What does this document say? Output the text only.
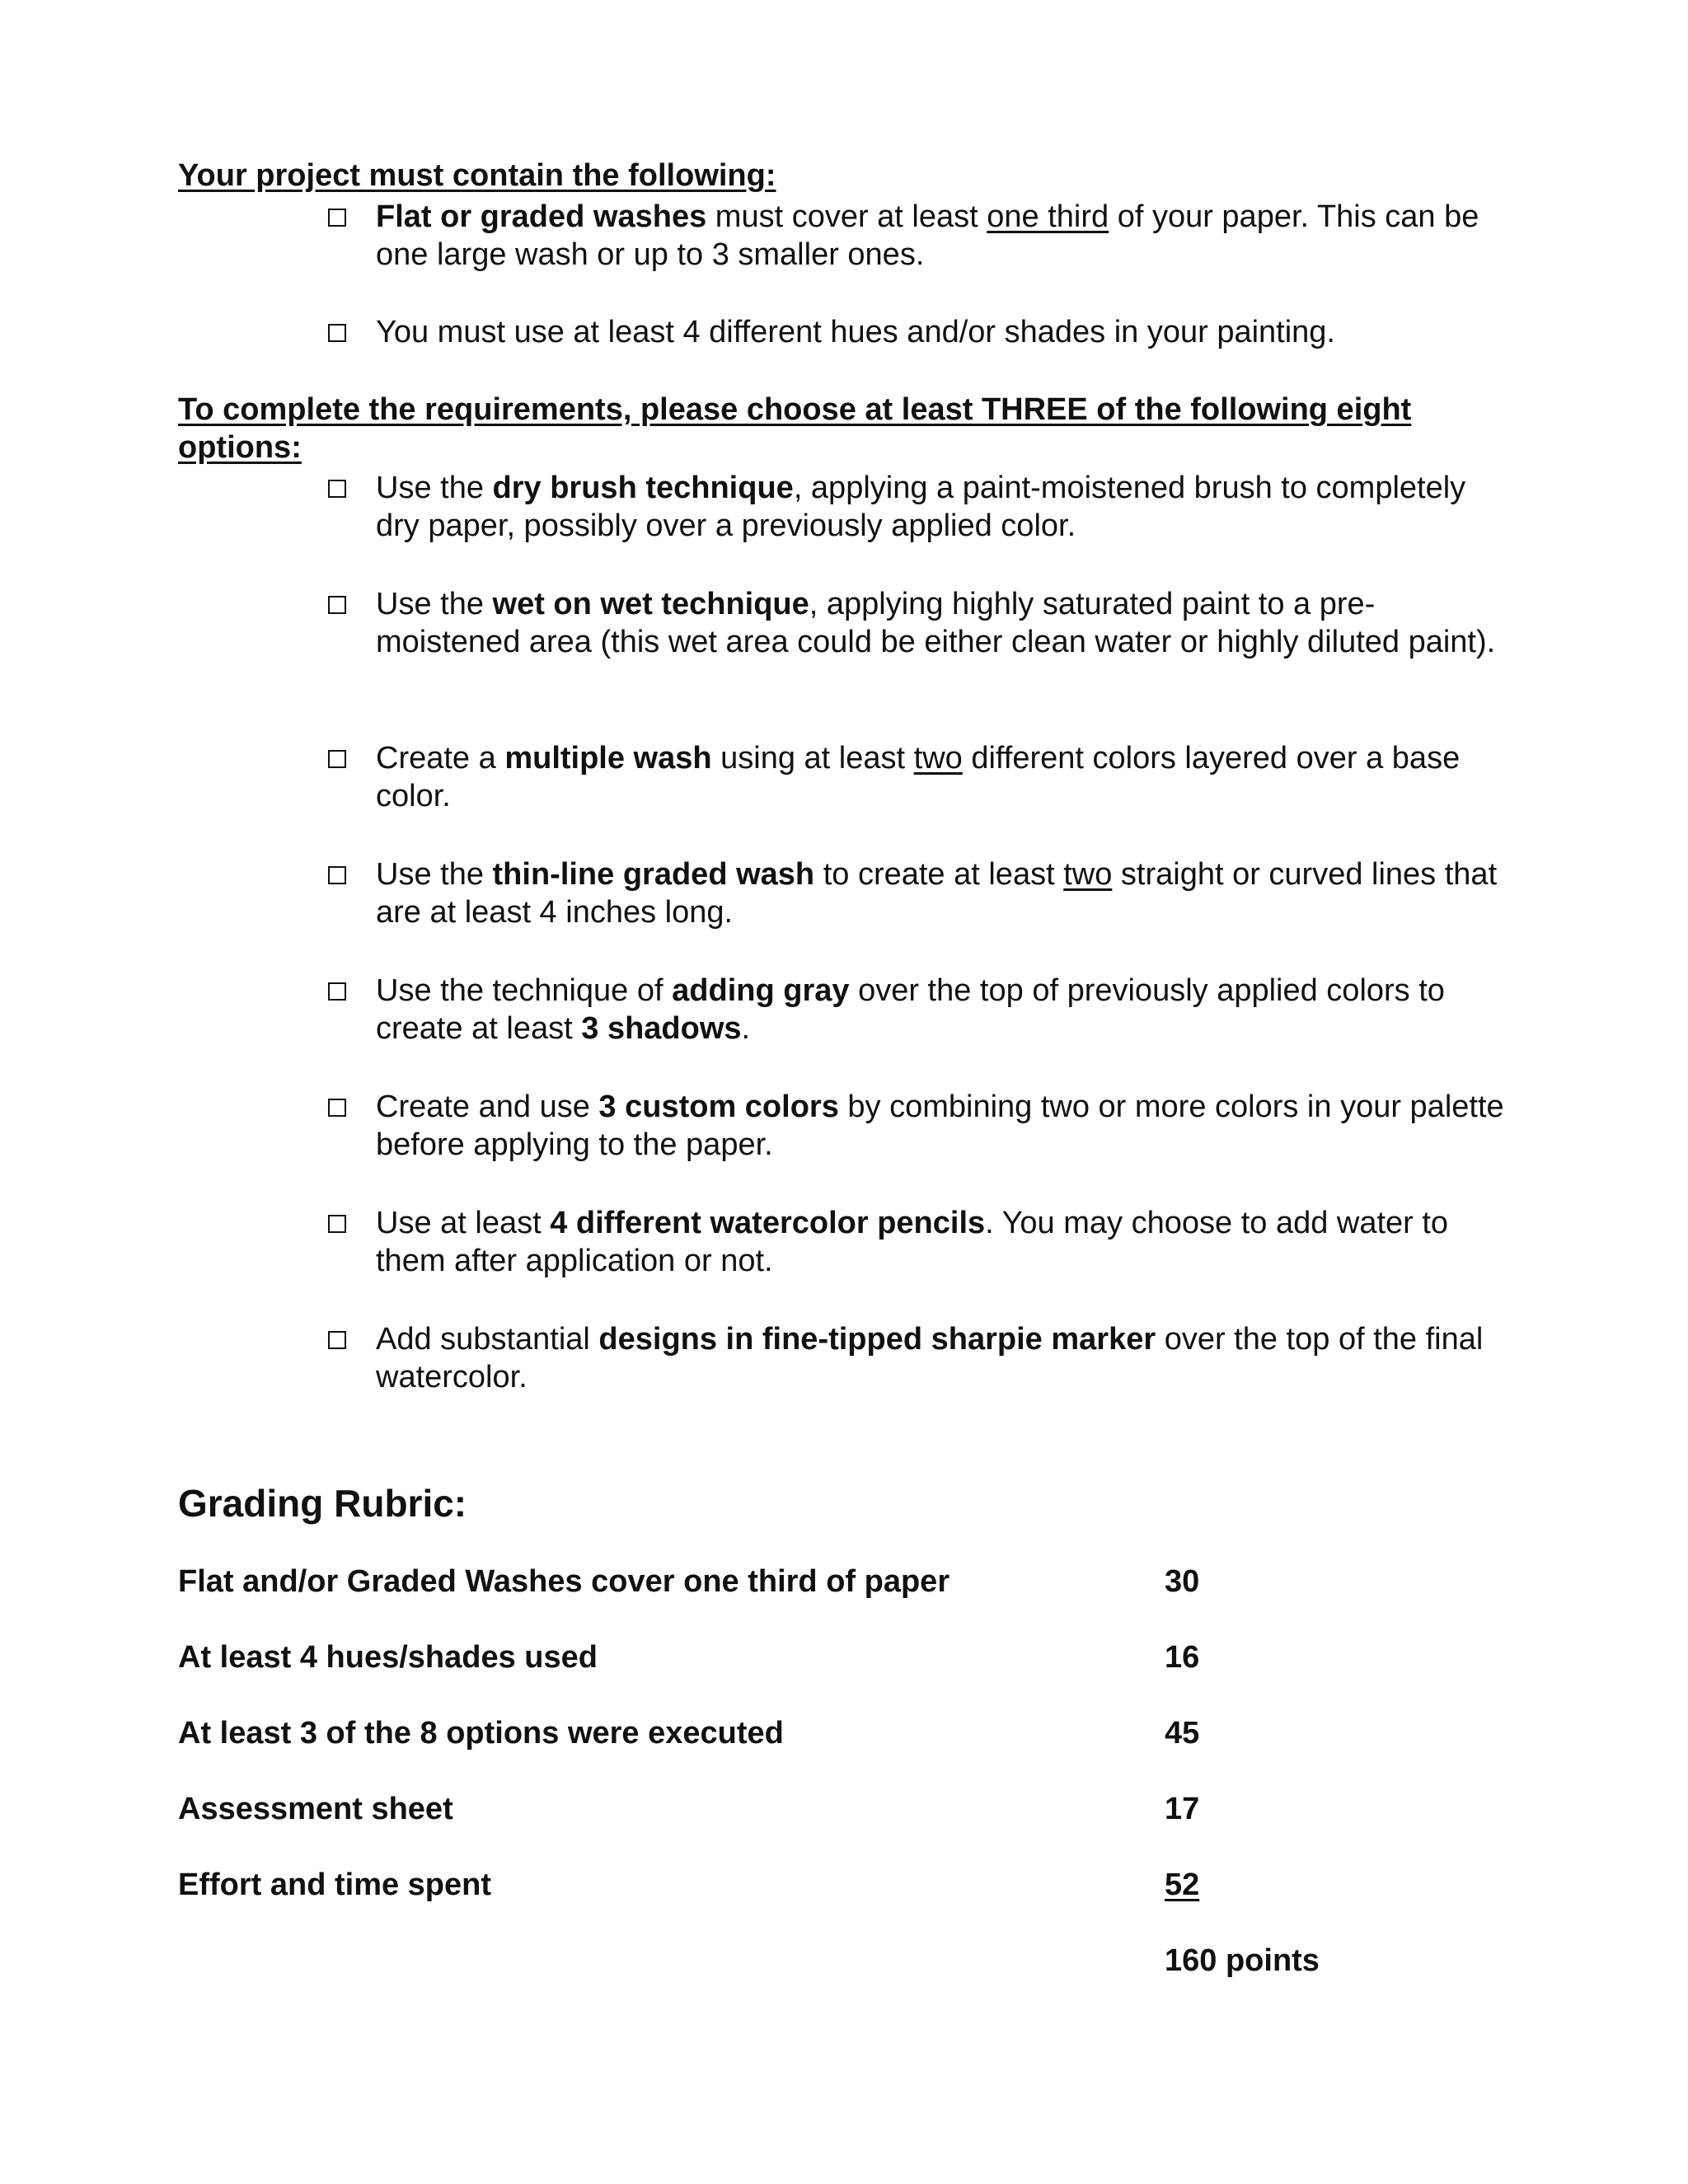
Your project must contain the following:

Flat or graded washes must cover at least one third of your paper. This can be one large wash or up to 3 smaller ones.
You must use at least 4 different hues and/or shades in your painting.

To complete the requirements, please choose at least THREE of the following eight options:

Use the dry brush technique, applying a paint-moistened brush to completely dry paper, possibly over a previously applied color.
Use the wet on wet technique, applying highly saturated paint to a pre-moistened area (this wet area could be either clean water or highly diluted paint).
Create a multiple wash using at least two different colors layered over a base color.
Use the thin-line graded wash to create at least two straight or curved lines that are at least 4 inches long.
Use the technique of adding gray over the top of previously applied colors to create at least 3 shadows.
Create and use 3 custom colors by combining two or more colors in your palette before applying to the paper.
Use at least 4 different watercolor pencils. You may choose to add water to them after application or not.
Add substantial designs in fine-tipped sharpie marker over the top of the final watercolor.

Grading Rubric:

Flat and/or Graded Washes cover one third of paper	30
At least 4 hues/shades used	16
At least 3 of the 8 options were executed	45
Assessment sheet	17
Effort and time spent	52
160 points
